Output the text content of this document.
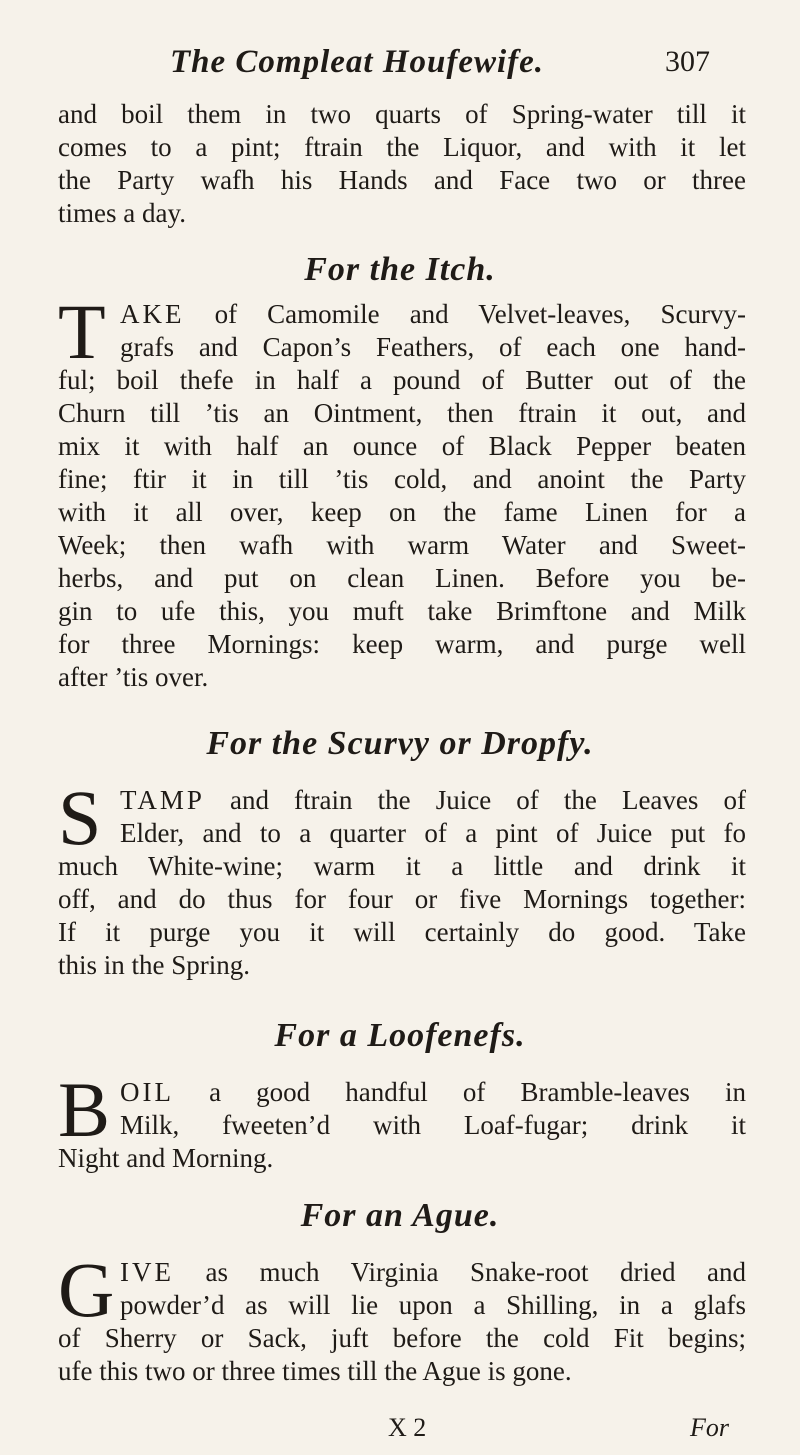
The Compleat Houfewife.	307
and boil them in two quarts of Spring-water till it
comes to a pint; ftrain the Liquor, and with it let
the Party wafh his Hands and Face two or three
times a day.
For the Itch.
T AKE of Camomile and Velvet-leaves, Scurvy-
grafs and Capon’s Feathers, of each one hand-
ful; boil thefe in half a pound of Butter out of the
Churn till ’tis an Ointment, then ftrain it out, and
mix it with half an ounce of Black Pepper beaten
fine; ftir it in till ’tis cold, and anoint the Party
with it all over, keep on the fame Linen for a
Week; then wafh with warm Water and Sweet-
herbs, and put on clean Linen. Before you be-
gin to ufe this, you muft take Brimftone and Milk
for three Mornings: keep warm, and purge well
after ’tis over.
For the Scurvy or Dropfy.
S TAMP and ftrain the Juice of the Leaves of
Elder, and to a quarter of a pint of Juice put fo
much White-wine; warm it a little and drink it
off, and do thus for four or five Mornings together:
If it purge you it will certainly do good. Take
this in the Spring.
For a Loofenefs.
B OIL a good handful of Bramble-leaves in
Milk, fweeten’d with Loaf-fugar; drink it
Night and Morning.
For an Ague.
G IVE as much Virginia Snake-root dried and
powder’d as will lie upon a Shilling, in a glafs
of Sherry or Sack, juft before the cold Fit begins;
ufe this two or three times till the Ague is gone.
X 2	For
